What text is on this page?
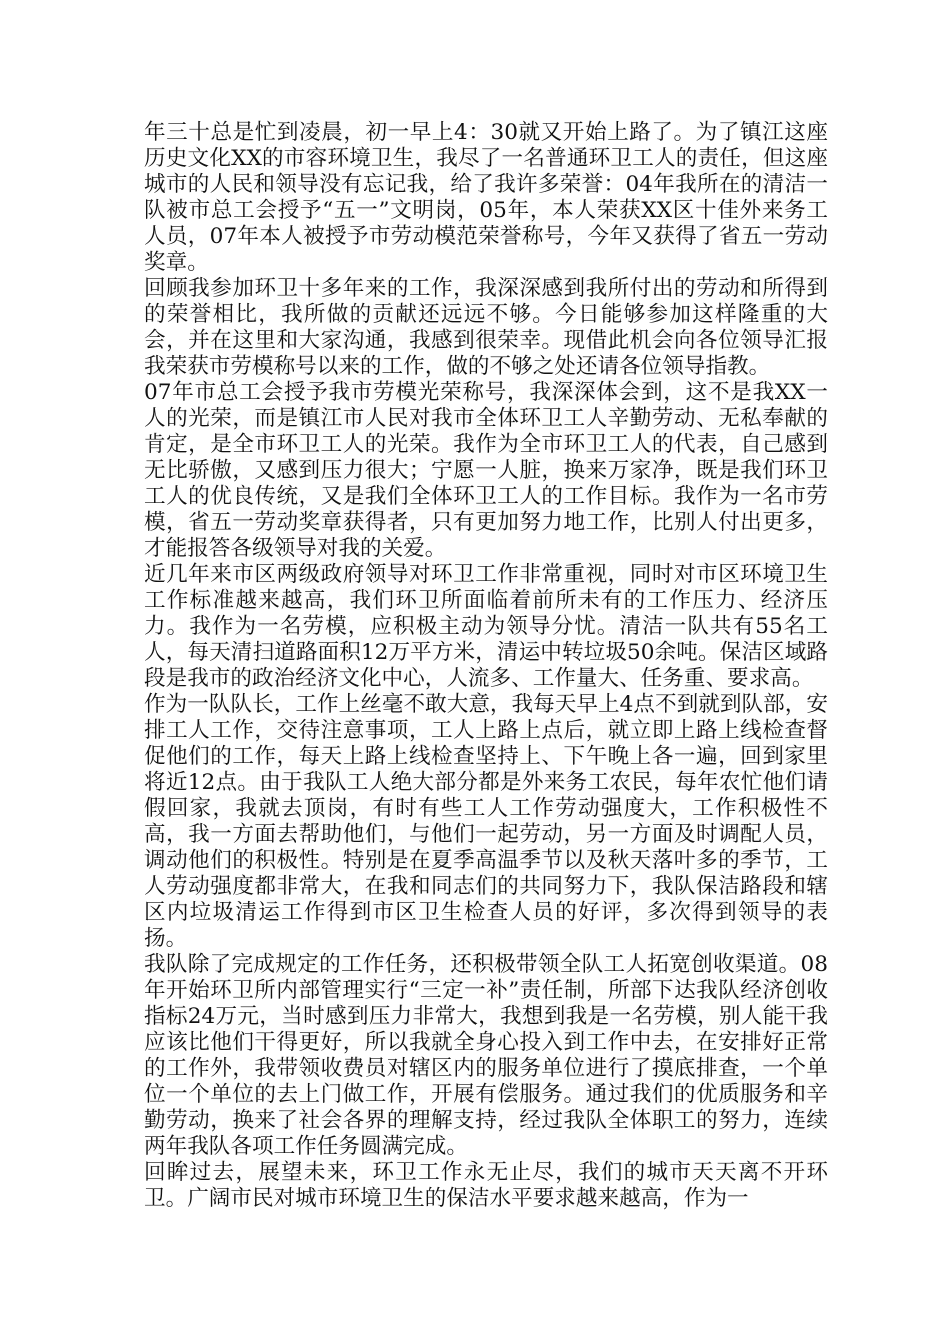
年三十总是忙到凌晨，初一早上4：30就又开始上路了。为了镇江这座历史文化XX的市容环境卫生，我尽了一名普通环卫工人的责任，但这座城市的人民和领导没有忘记我，给了我许多荣誉：04年我所在的清洁一队被市总工会授予“五一”文明岗，05年，本人荣获XX区十佳外来务工人员，07年本人被授予市劳动模范荣誉称号，今年又获得了省五一劳动奖章。

回顾我参加环卫十多年来的工作，我深深感到我所付出的劳动和所得到的荣誉相比，我所做的贡献还远远不够。今日能够参加这样隆重的大会，并在这里和大家沟通，我感到很荣幸。现借此机会向各位领导汇报我荣获市劳模称号以来的工作，做的不够之处还请各位领导指教。

07年市总工会授予我市劳模光荣称号，我深深体会到，这不是我XX一人的光荣，而是镇江市人民对我市全体环卫工人辛勤劳动、无私奉献的肯定，是全市环卫工人的光荣。我作为全市环卫工人的代表，自己感到无比骄傲，又感到压力很大；宁愿一人脏，换来万家净，既是我们环卫工人的优良传统，又是我们全体环卫工人的工作目标。我作为一名市劳模，省五一劳动奖章获得者，只有更加努力地工作，比别人付出更多，才能报答各级领导对我的关爱。

近几年来市区两级政府领导对环卫工作非常重视，同时对市区环境卫生工作标准越来越高，我们环卫所面临着前所未有的工作压力、经济压力。我作为一名劳模，应积极主动为领导分忧。清洁一队共有55名工人，每天清扫道路面积12万平方米，清运中转垃圾50余吨。保洁区域路段是我市的政治经济文化中心，人流多、工作量大、任务重、要求高。

作为一队队长，工作上丝毫不敢大意，我每天早上4点不到就到队部，安排工人工作，交待注意事项，工人上路上点后，就立即上路上线检查督促他们的工作，每天上路上线检查坚持上、下午晚上各一遍，回到家里将近12点。由于我队工人绝大部分都是外来务工农民，每年农忙他们请假回家，我就去顶岗，有时有些工人工作劳动强度大，工作积极性不高，我一方面去帮助他们，与他们一起劳动，另一方面及时调配人员，调动他们的积极性。特别是在夏季高温季节以及秋天落叶多的季节，工人劳动强度都非常大，在我和同志们的共同努力下，我队保洁路段和辖区内垃圾清运工作得到市区卫生检查人员的好评，多次得到领导的表扬。

我队除了完成规定的工作任务，还积极带领全队工人拓宽创收渠道。08年开始环卫所内部管理实行“三定一补”责任制，所部下达我队经济创收指标24万元，当时感到压力非常大，我想到我是一名劳模，别人能干我应该比他们干得更好，所以我就全身心投入到工作中去，在安排好正常的工作外，我带领收费员对辖区内的服务单位进行了摸底排查，一个单位一个单位的去上门做工作，开展有偿服务。通过我们的优质服务和辛勤劳动，换来了社会各界的理解支持，经过我队全体职工的努力，连续两年我队各项工作任务圆满完成。

回眸过去，展望未来，环卫工作永无止尽，我们的城市天天离不开环卫。广阔市民对城市环境卫生的保洁水平要求越来越高，作为一
